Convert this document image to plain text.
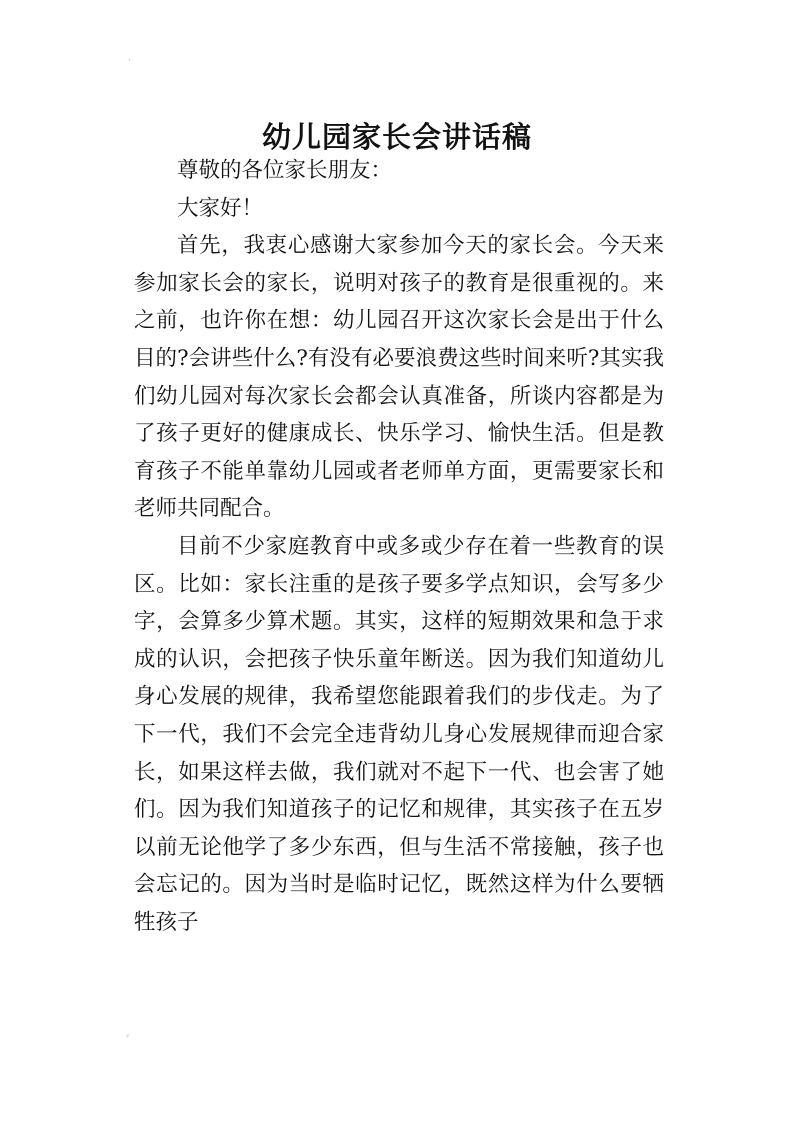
'
幼儿园家长会讲话稿

尊敬的各位家长朋友：

大家好！

首先，我衷心感谢大家参加今天的家长会。今天来参加家长会的家长，说明对孩子的教育是很重视的。来之前，也许你在想：幼儿园召开这次家长会是出于什么目的?会讲些什么?有没有必要浪费这些时间来听?其实我们幼儿园对每次家长会都会认真准备，所谈内容都是为了孩子更好的健康成长、快乐学习、愉快生活。但是教育孩子不能单靠幼儿园或者老师单方面，更需要家长和老师共同配合。

目前不少家庭教育中或多或少存在着一些教育的误区。比如：家长注重的是孩子要多学点知识，会写多少字，会算多少算术题。其实，这样的短期效果和急于求成的认识，会把孩子快乐童年断送。因为我们知道幼儿身心发展的规律，我希望您能跟着我们的步伐走。为了下一代，我们不会完全违背幼儿身心发展规律而迎合家长，如果这样去做，我们就对不起下一代、也会害了她们。因为我们知道孩子的记忆和规律，其实孩子在五岁以前无论他学了多少东西，但与生活不常接触，孩子也会忘记的。因为当时是临时记忆，既然这样为什么要牺牲孩子

⸗
